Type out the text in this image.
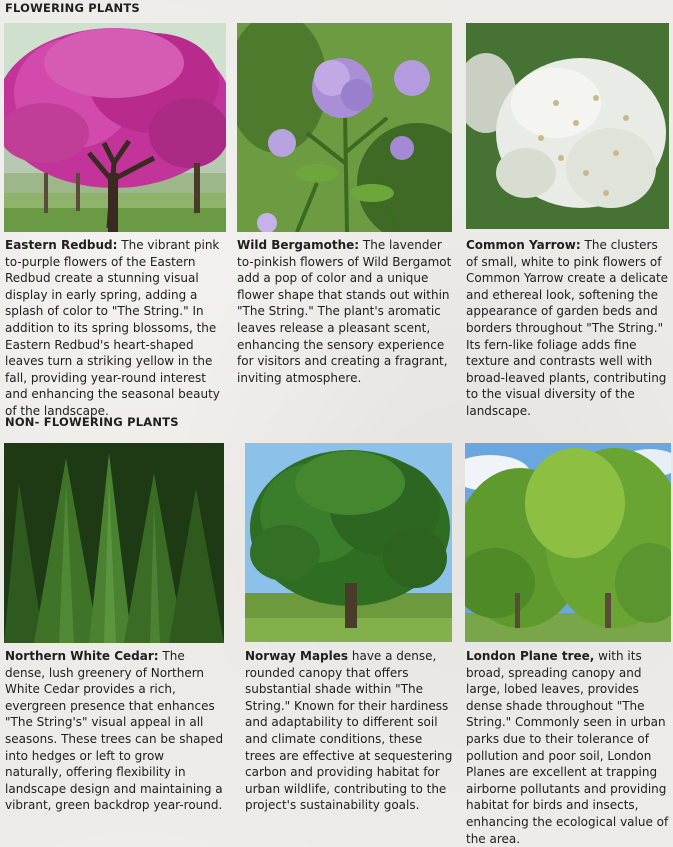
FLOWERING PLANTS
NON- FLOWERING PLANTS
Eastern Redbud: The vibrant pink to-purple flowers of the Eastern Redbud create a stunning visual display in early spring, adding a splash of color to "The String." In addition to its spring blossoms, the Eastern Redbud's heart-shaped leaves turn a striking yellow in the fall, providing year-round interest and enhancing the seasonal beauty of the landscape.
Wild Bergamothe: The lavender to-pinkish flowers of Wild Bergamot add a pop of color and a unique flower shape that stands out within "The String." The plant's aromatic leaves release a pleasant scent, enhancing the sensory experience for visitors and creating a fragrant, inviting atmosphere.
Common Yarrow: The clusters of small, white to pink flowers of Common Yarrow create a delicate and ethereal look, softening the appearance of garden beds and borders throughout "The String." Its fern-like foliage adds fine texture and contrasts well with broad-leaved plants, contributing to the visual diversity of the landscape.
Northern White Cedar: The dense, lush greenery of Northern White Cedar provides a rich, evergreen presence that enhances "The String's" visual appeal in all seasons. These trees can be shaped into hedges or left to grow naturally, offering flexibility in landscape design and maintaining a vibrant, green backdrop year-round.
Norway Maples have a dense, rounded canopy that offers substantial shade within "The String." Known for their hardiness and adaptability to different soil and climate conditions, these trees are effective at sequestering carbon and providing habitat for urban wildlife, contributing to the project's sustainability goals.
London Plane tree, with its broad, spreading canopy and large, lobed leaves, provides dense shade throughout "The String." Commonly seen in urban parks due to their tolerance of pollution and poor soil, London Planes are excellent at trapping airborne pollutants and providing habitat for birds and insects, enhancing the ecological value of the area.
